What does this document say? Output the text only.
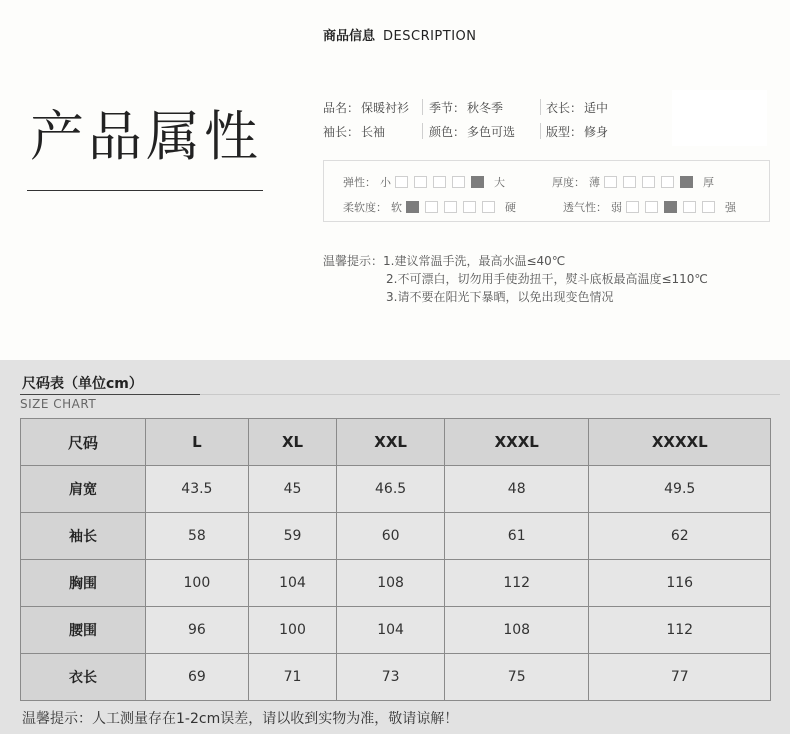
商品信息 DESCRIPTION
产品属性	品名： 保暖衬衫 季节： 秋冬季	衣长： 适中
袖长： 长袖	颜色： 多色可选	版型： 修身
弹性： 小	大	厚度： 薄	厚
柔软度： 软	硬	透气性： 弱	强
温馨提示：1.建议常温手洗，最高水温≤40℃
2.不可漂白，切勿用手使劲扭干，熨斗底板最高温度≤110℃
3.请不要在阳光下暴晒，以免出现变色情况
尺码表（单位cm）
SIZE CHART
尺码	L	XL	XXL	XXXL	XXXXL
肩宽	43.5	45	46.5	48	49.5
袖长	58	59	60	61	62
胸围	100	104	108	112	116
腰围	96	100	104	108	112
衣长	69	71	73	75	77
温馨提示：人工测量存在1-2cm误差，请以收到实物为准，敬请谅解！
